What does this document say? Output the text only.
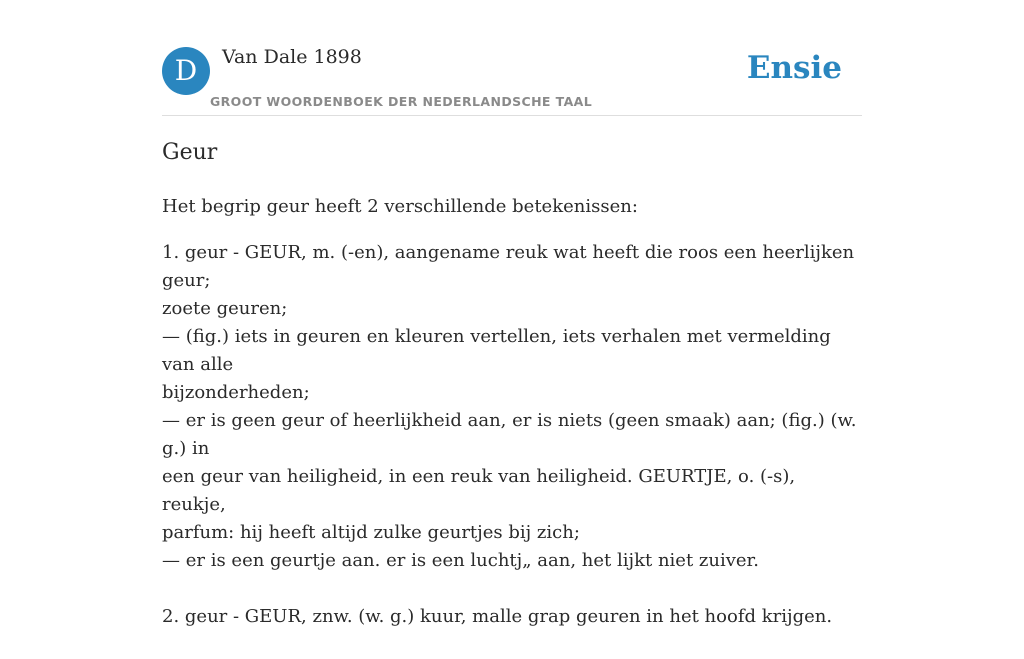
D	Van Dale 1898
GROOT WOORDENBOEK DER NEDERLANDSCHE TAAL
Ensie
Geur

Het begrip geur heeft 2 verschillende betekenissen:

1. geur - GEUR, m. (-en), aangename reuk wat heeft die roos een heerlijken geur;
zoete geuren;
— (fig.) iets in geuren en kleuren vertellen, iets verhalen met vermelding van alle
bijzonderheden;
— er is geen geur of heerlijkheid aan, er is niets (geen smaak) aan; (fig.) (w. g.) in
een geur van heiligheid, in een reuk van heiligheid. GEURTJE, o. (-s), reukje,
parfum: hij heeft altijd zulke geurtjes bij zich;
— er is een geurtje aan. er is een luchtj„ aan, het lijkt niet zuiver.

2. geur - GEUR, znw. (w. g.) kuur, malle grap geuren in het hoofd krijgen.
